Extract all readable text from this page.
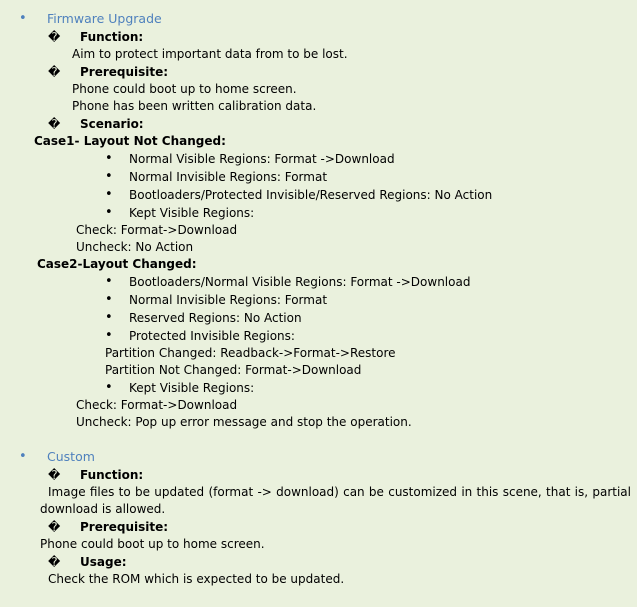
• Firmware Upgrade
� Function:
Aim to protect important data from to be lost.
� Prerequisite:
Phone could boot up to home screen.
Phone has been written calibration data.
� Scenario:
Case1- Layout Not Changed:
• Normal Visible Regions: Format ->Download
• Normal Invisible Regions: Format
• Bootloaders/Protected Invisible/Reserved Regions: No Action
• Kept Visible Regions:
Check: Format->Download
Uncheck: No Action
Case2-Layout Changed:
• Bootloaders/Normal Visible Regions: Format ->Download
• Normal Invisible Regions: Format
• Reserved Regions: No Action
• Protected Invisible Regions:
Partition Changed: Readback->Format->Restore
Partition Not Changed: Format->Download
• Kept Visible Regions:
Check: Format->Download
Uncheck: Pop up error message and stop the operation.
• Custom
� Function:
Image files to be updated (format -> download) can be customized in this scene, that is, partial download is allowed.
� Prerequisite:
Phone could boot up to home screen.
� Usage:
Check the ROM which is expected to be updated.
